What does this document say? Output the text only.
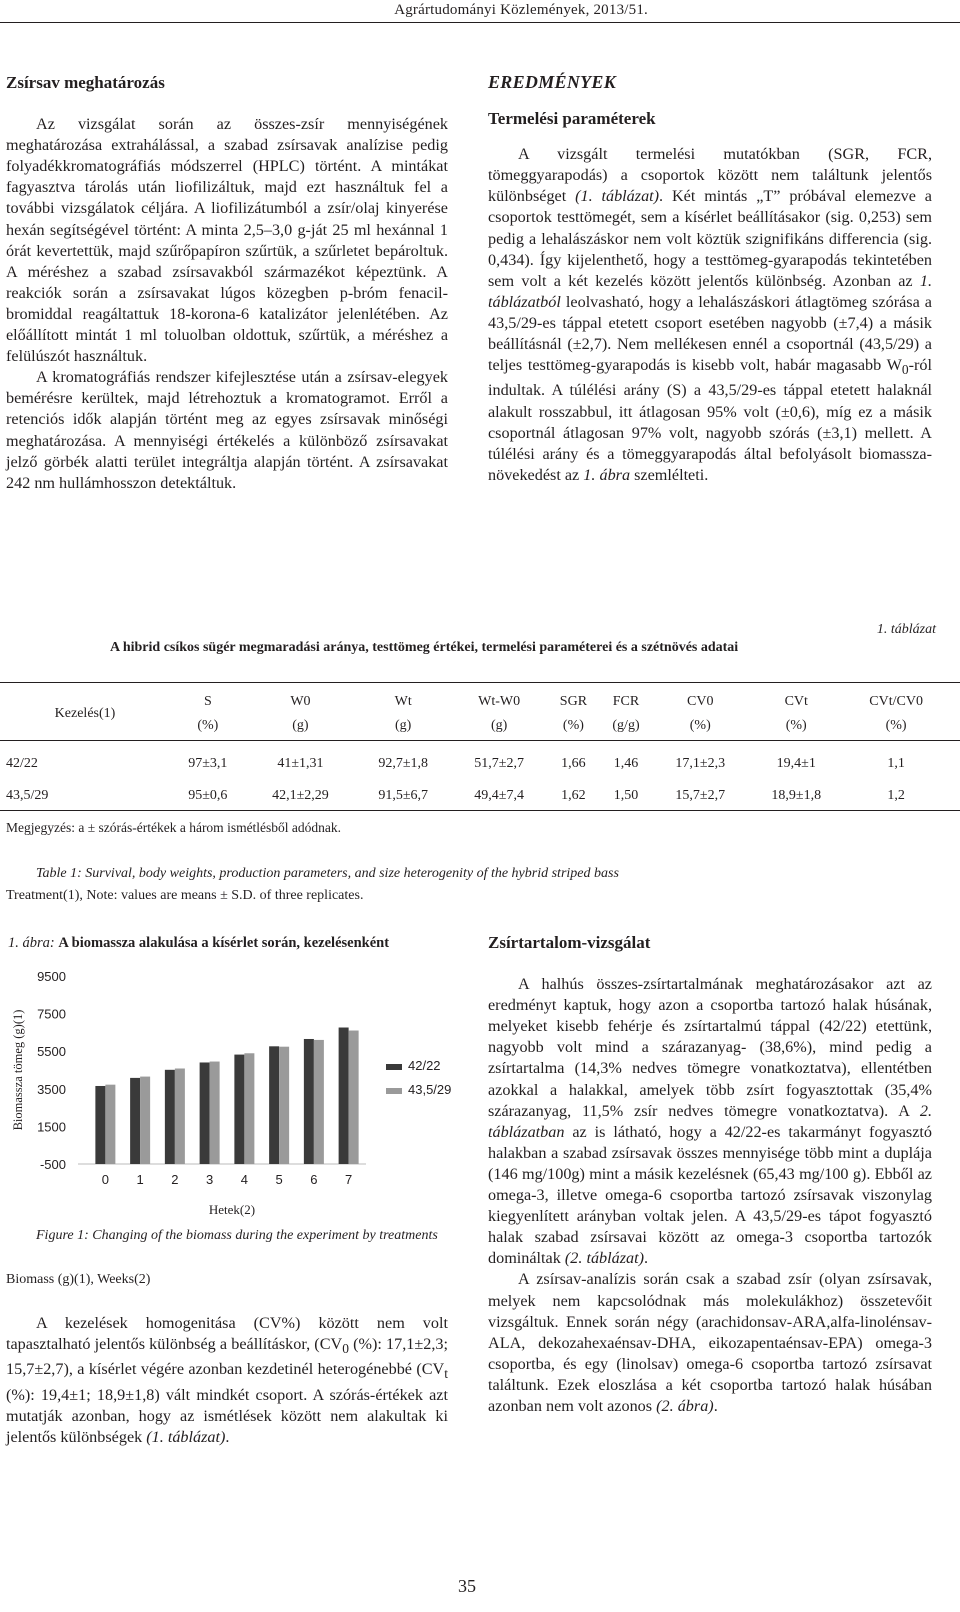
Agrártudományi Közlemények, 2013/51.
Zsírsav meghatározás

Az vizsgálat során az összes-zsír mennyiségének meghatározása extrahálással, a szabad zsírsavak analízise pedig folyadékkromatográfiás módszerrel (HPLC) történt. A mintákat fagyasztva tárolás után liofilizáltuk, majd ezt használtuk fel a további vizsgálatok céljára. A liofilizátumból a zsír/olaj kinyerése hexán segítségével történt: A minta 2,5–3,0 g-ját 25 ml hexánnal 1 órát kevertettük, majd szűrőpapíron szűrtük, a szűrletet bepároltuk. A méréshez a szabad zsírsavakból származékot képeztünk. A reakciók során a zsírsavakat lúgos közegben p-bróm fenacil-bromiddal reagáltattuk 18-korona-6 katalizátor jelenlétében. Az előállított mintát 1 ml toluolban oldottuk, szűrtük, a méréshez a felülúszót használtuk.

A kromatográfiás rendszer kifejlesztése után a zsírsav-elegyek bemérésre kerültek, majd létrehoztuk a kromatogramot. Erről a retenciós idők alapján történt meg az egyes zsírsavak minőségi meghatározása. A mennyiségi értékelés a különböző zsírsavakat jelző görbék alatti terület integráltja alapján történt. A zsírsavakat 242 nm hullámhosszon detektáltuk.

EREDMÉNYEK
Termelési paraméterek

A vizsgált termelési mutatókban (SGR, FCR, tömeggyarapodás) a csoportok között nem találtunk jelentős különbséget (1. táblázat). Két mintás „T” próbával elemezve a csoportok testtömegét, sem a kísérlet beállításakor (sig. 0,253) sem pedig a lehalászáskor nem volt köztük szignifikáns differencia (sig. 0,434). Így kijelenthető, hogy a testtömeg-gyarapodás tekintetében sem volt a két kezelés között jelentős különbség. Azonban az 1. táblázatból leolvasható, hogy a lehalászáskori átlagtömeg szórása a 43,5/29-es táppal etetett csoport esetében nagyobb (±7,4) a másik beállításnál (±2,7). Nem mellékesen ennél a csoportnál (43,5/29) a teljes testtömeg-gyarapodás is kisebb volt, habár magasabb $W_0$-ról indultak. A túlélési arány (S) a 43,5/29-es táppal etetett halaknál alakult rosszabbul, itt átlagosan 95% volt (±0,6), míg ez a másik csoportnál átlagosan 97% volt, nagyobb szórás (±3,1) mellett. A túlélési arány és a tömeggyarapodás által befolyásolt biomassza-növekedést az 1. ábra szemlélteti.

1. táblázat
A hibrid csíkos sügér megmaradási aránya, testtömeg értékei, termelési paraméterei és a szétnövés adatai
Kezelés(1)	S	W0	Wt	Wt-W0	SGR	FCR	CV0	CVt	CVt/CV0
	(%)	(g)	(g)	(g)	(%)	(g/g)	(%)	(%)	(%)

42/22	97±3,1	41±1,31	92,7±1,8	51,7±2,7	1,66	1,46	17,1±2,3	19,4±1	1,1
43,5/29	95±0,6	42,1±2,29	91,5±6,7	49,4±7,4	1,62	1,50	15,7±2,7	18,9±1,8	1,2
Megjegyzés: a ± szórás-értékek a három ismétlésből adódnak.
Table 1: Survival, body weights, production parameters, and size heterogenity of the hybrid striped bass
Treatment(1), Note: values are means ± S.D. of three replicates.
1. ábra: A biomassza alakulása a kísérlet során, kezelésenként
9500
7500
5500
3500
1500
-500
Biomassza tömeg (g)(1)
0 1 2 3 4 5 6 7
Hetek(2)
42/22
43,5/29
Figure 1: Changing of the biomass during the experiment by treatments
Biomass (g)(1), Weeks(2)

A kezelések homogenitása (CV%) között nem volt tapasztalható jelentős különbség a beállításkor, ($CV_0$ (%): 17,1±2,3; 15,7±2,7), a kísérlet végére azonban kezdetinél heterogénebbé ($CV_t$ (%): 19,4±1; 18,9±1,8) vált mindkét csoport. A szórás-értékek azt mutatják azonban, hogy az ismétlések között nem alakultak ki jelentős különbségek (1. táblázat).

Zsírtartalom-vizsgálat

A halhús összes-zsírtartalmának meghatározásakor azt az eredményt kaptuk, hogy azon a csoportba tartozó halak húsának, melyeket kisebb fehérje és zsírtartalmú táppal (42/22) etettünk, nagyobb volt mind a szárazanyag- (38,6%), mind pedig a zsírtartalma (14,3% nedves tömegre vonatkoztatva), ellentétben azokkal a halakkal, amelyek több zsírt fogyasztottak (35,4% szárazanyag, 11,5% zsír nedves tömegre vonatkoztatva). A 2. táblázatban az is látható, hogy a 42/22-es takarmányt fogyasztó halakban a szabad zsírsavak összes mennyisége több mint a duplája (146 mg/100g) mint a másik kezelésnek (65,43 mg/100 g). Ebből az omega-3, illetve omega-6 csoportba tartozó zsírsavak viszonylag kiegyenlített arányban voltak jelen. A 43,5/29-es tápot fogyasztó halak szabad zsírsavai között az omega-3 csoportba tartozók domináltak (2. táblázat).

A zsírsav-analízis során csak a szabad zsír (olyan zsírsavak, melyek nem kapcsolódnak más molekulákhoz) összetevőit vizsgáltuk. Ennek során négy (arachidonsav-ARA,alfa-linolénsav-ALA, dekozahexaénsav-DHA, eikozapentaénsav-EPA) omega-3 csoportba, és egy (linolsav) omega-6 csoportba tartozó zsírsavat találtunk. Ezek eloszlása a két csoportba tartozó halak húsában azonban nem volt azonos (2. ábra).

35
